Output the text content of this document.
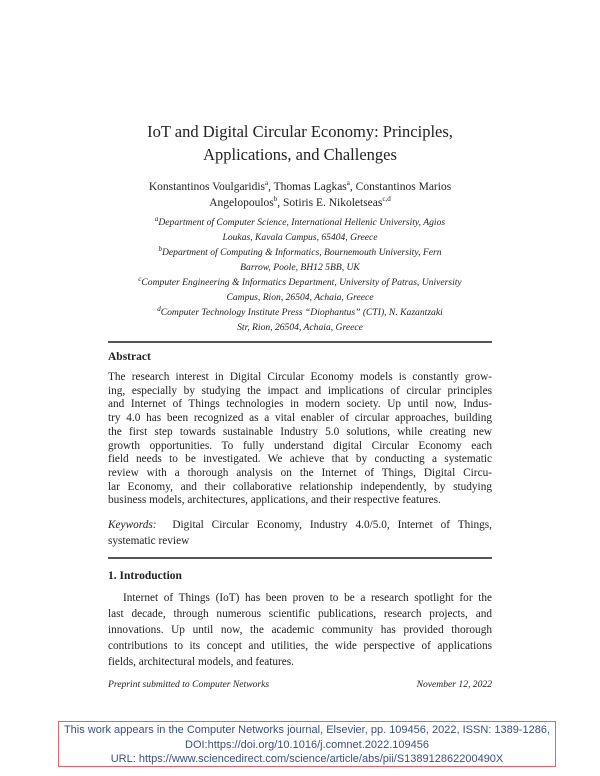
IoT and Digital Circular Economy: Principles,
Applications, and Challenges
Konstantinos Voulgaridis$^a$, Thomas Lagkas$^a$, Constantinos Marios
Angelopoulos$^b$, Sotiris E. Nikoletseas$^{c,d}$
$^a$Department of Computer Science, International Hellenic University, Agios
Loukas, Kavala Campus, 65404, Greece
$^b$Department of Computing & Informatics, Bournemouth University, Fern
Barrow, Poole, BH12 5BB, UK
$^c$Computer Engineering & Informatics Department, University of Patras, University
Campus, Rion, 26504, Achaia, Greece
$^d$Computer Technology Institute Press “Diophantus” (CTI), N. Kazantzaki
Str, Rion, 26504, Achaia, Greece
Abstract
The research interest in Digital Circular Economy models is constantly grow-
ing, especially by studying the impact and implications of circular principles
and Internet of Things technologies in modern society. Up until now, Indus-
try 4.0 has been recognized as a vital enabler of circular approaches, building
the first step towards sustainable Industry 5.0 solutions, while creating new
growth opportunities. To fully understand digital Circular Economy each
field needs to be investigated. We achieve that by conducting a systematic
review with a thorough analysis on the Internet of Things, Digital Circu-
lar Economy, and their collaborative relationship independently, by studying
business models, architectures, applications, and their respective features.
Keywords: Digital Circular Economy, Industry 4.0/5.0, Internet of Things,
systematic review
1. Introduction
Internet of Things (IoT) has been proven to be a research spotlight for the
last decade, through numerous scientific publications, research projects, and
innovations. Up until now, the academic community has provided thorough
contributions to its concept and utilities, the wide perspective of applications
fields, architectural models, and features.
Preprint submitted to Computer Networks	November 12, 2022
This work appears in the Computer Networks journal, Elsevier, pp. 109456, 2022, ISSN: 1389-1286,
DOI:https://doi.org/10.1016/j.comnet.2022.109456
URL: https://www.sciencedirect.com/science/article/abs/pii/S138912862200490X
